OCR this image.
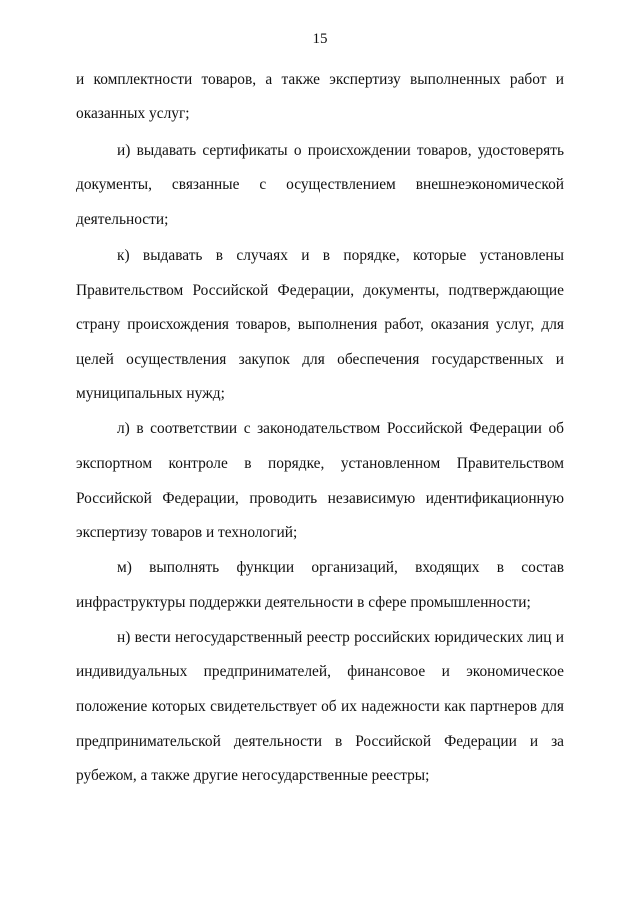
15
и комплектности товаров, а также экспертизу выполненных работ и
оказанных услуг;
и) выдавать сертификаты о происхождении товаров, удостоверять
документы, связанные с осуществлением внешнеэкономической
деятельности;
к) выдавать в случаях и в порядке, которые установлены
Правительством Российской Федерации, документы, подтверждающие
страну происхождения товаров, выполнения работ, оказания услуг, для
целей осуществления закупок для обеспечения государственных и
муниципальных нужд;
л) в соответствии с законодательством Российской Федерации об
экспортном контроле в порядке, установленном Правительством
Российской Федерации, проводить независимую идентификационную
экспертизу товаров и технологий;
м) выполнять функции организаций, входящих в состав
инфраструктуры поддержки деятельности в сфере промышленности;
н) вести негосударственный реестр российских юридических лиц и
индивидуальных предпринимателей, финансовое и экономическое
положение которых свидетельствует об их надежности как партнеров для
предпринимательской деятельности в Российской Федерации и за
рубежом, а также другие негосударственные реестры;
